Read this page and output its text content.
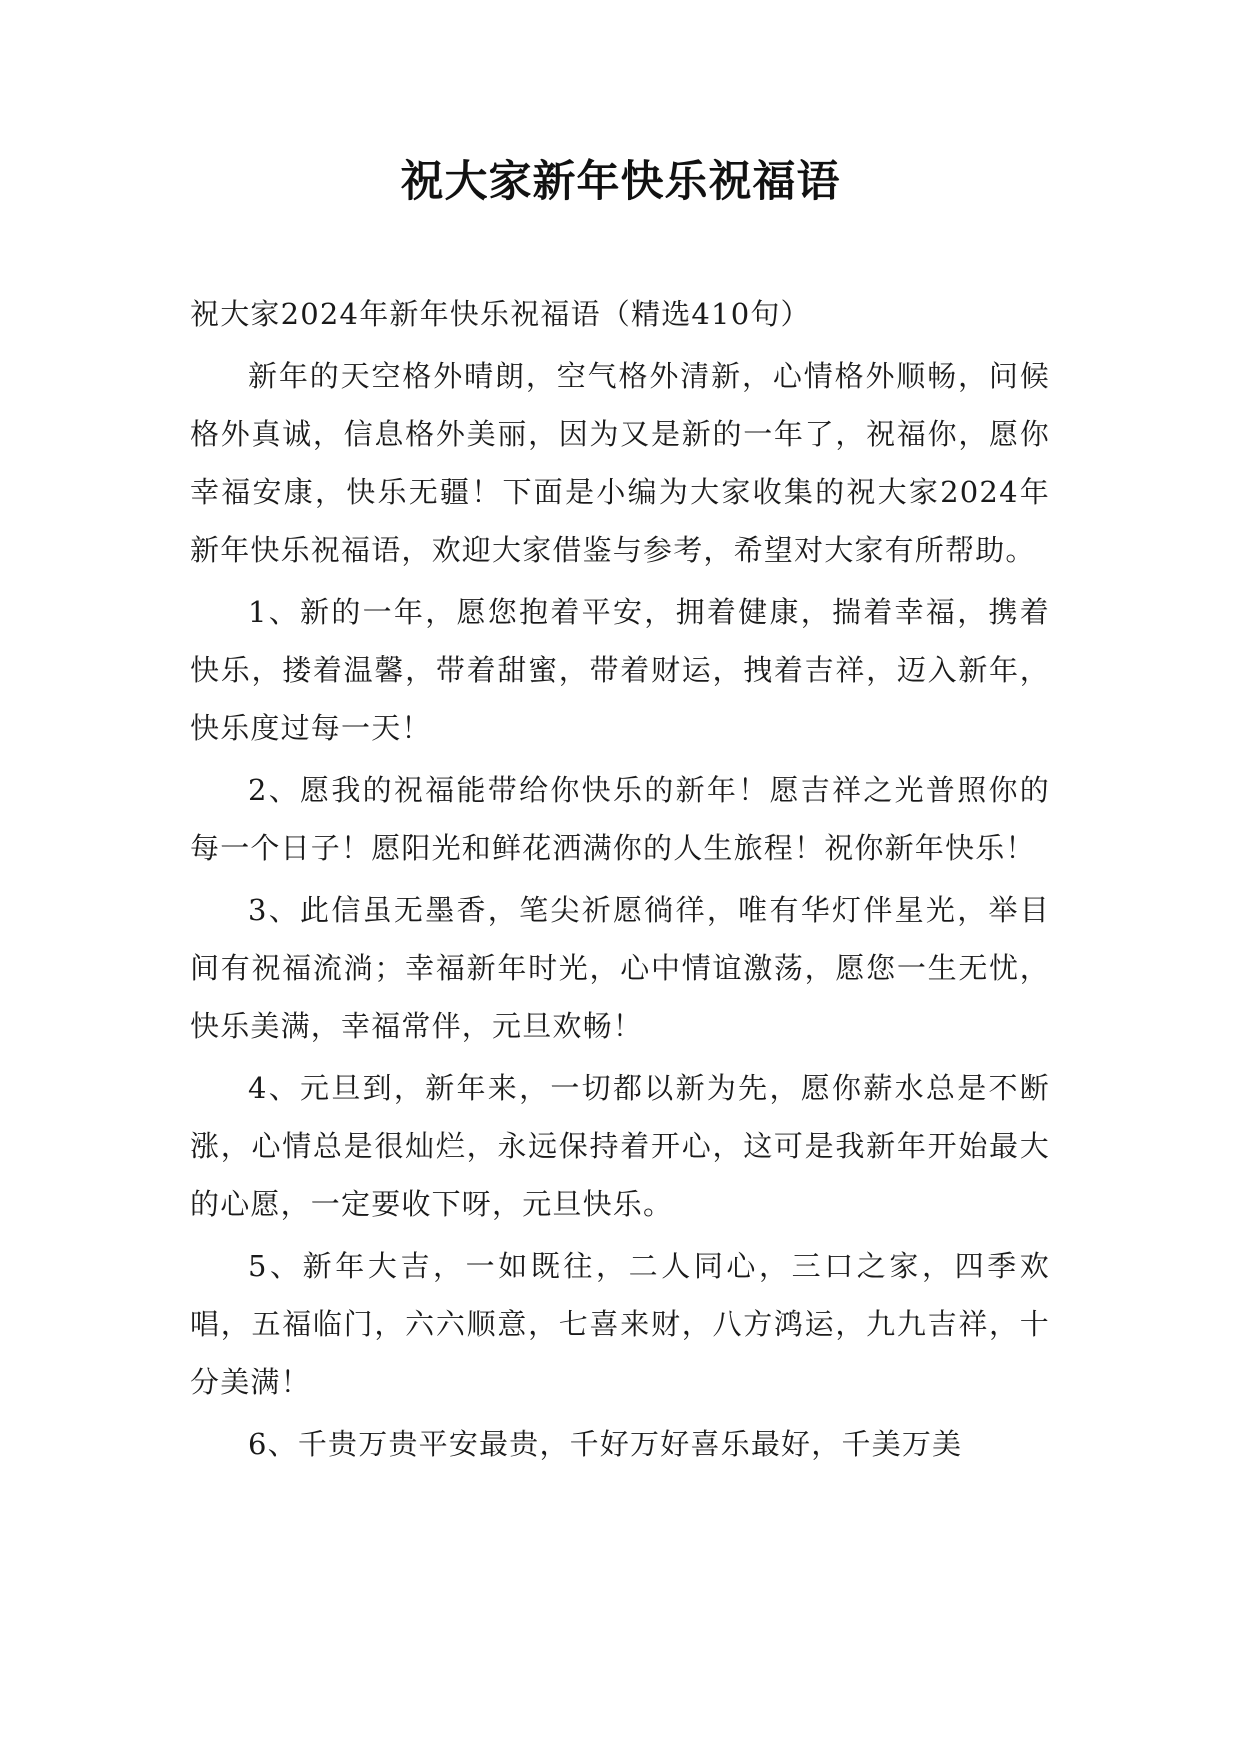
祝大家新年快乐祝福语

祝大家2024年新年快乐祝福语（精选410句）

新年的天空格外晴朗，空气格外清新，心情格外顺畅，问候格外真诚，信息格外美丽，因为又是新的一年了，祝福你，愿你幸福安康，快乐无疆！下面是小编为大家收集的祝大家2024年新年快乐祝福语，欢迎大家借鉴与参考，希望对大家有所帮助。

1、新的一年，愿您抱着平安，拥着健康，揣着幸福，携着快乐，搂着温馨，带着甜蜜，带着财运，拽着吉祥，迈入新年，快乐度过每一天！

2、愿我的祝福能带给你快乐的新年！愿吉祥之光普照你的每一个日子！愿阳光和鲜花洒满你的人生旅程！祝你新年快乐！

3、此信虽无墨香，笔尖祈愿徜徉，唯有华灯伴星光，举目间有祝福流淌；幸福新年时光，心中情谊激荡，愿您一生无忧，快乐美满，幸福常伴，元旦欢畅！

4、元旦到，新年来，一切都以新为先，愿你薪水总是不断涨，心情总是很灿烂，永远保持着开心，这可是我新年开始最大的心愿，一定要收下呀，元旦快乐。

5、新年大吉，一如既往，二人同心，三口之家，四季欢唱，五福临门，六六顺意，七喜来财，八方鸿运，九九吉祥，十分美满！

6、千贵万贵平安最贵，千好万好喜乐最好，千美万美
